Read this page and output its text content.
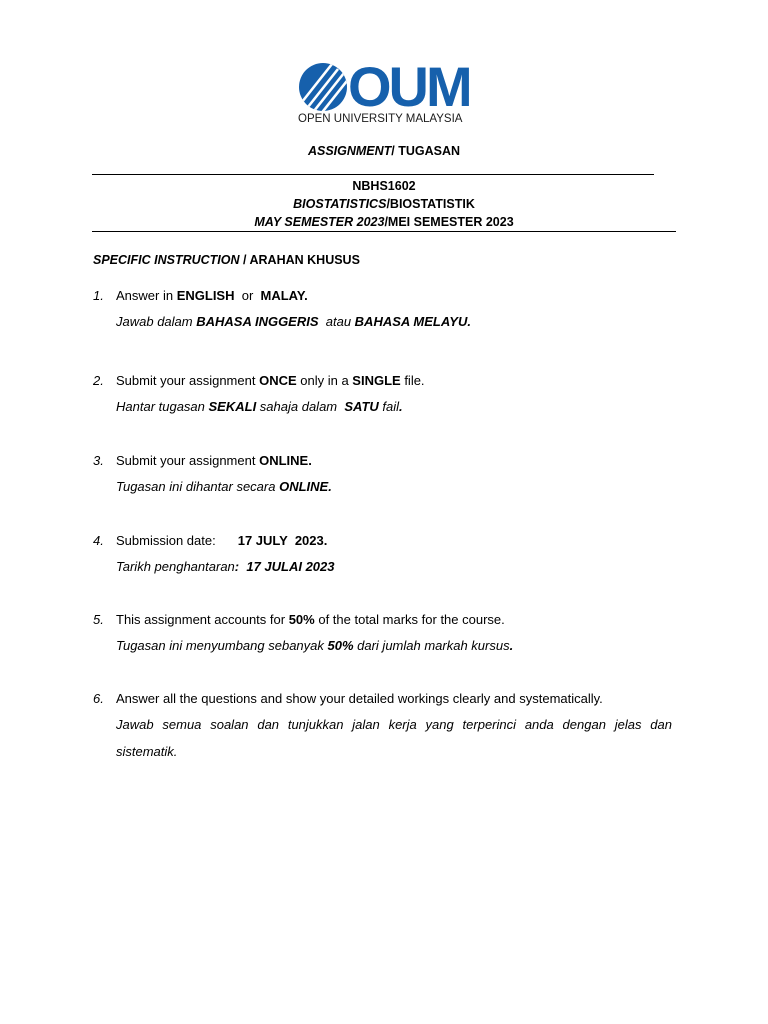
OUM
OPEN UNIVERSITY MALAYSIA
ASSIGNMENT/ TUGASAN
NBHS1602
BIOSTATISTICS/BIOSTATISTIK
MAY SEMESTER 2023/MEI SEMESTER 2023
SPECIFIC INSTRUCTION / ARAHAN KHUSUS
1. Answer in ENGLISH  or  MALAY.
Jawab dalam BAHASA INGGERIS  atau BAHASA MELAYU.
2. Submit your assignment ONCE only in a SINGLE file.
Hantar tugasan SEKALI sahaja dalam  SATU fail.
3. Submit your assignment ONLINE.
Tugasan ini dihantar secara ONLINE.
4. Submission date: 17 JULY  2023.
Tarikh penghantaran:  17 JULAI 2023
5. This assignment accounts for 50% of the total marks for the course.
Tugasan ini menyumbang sebanyak 50% dari jumlah markah kursus.
6. Answer all the questions and show your detailed workings clearly and systematically.
Jawab semua soalan dan tunjukkan jalan kerja yang terperinci anda dengan jelas dan sistematik.
